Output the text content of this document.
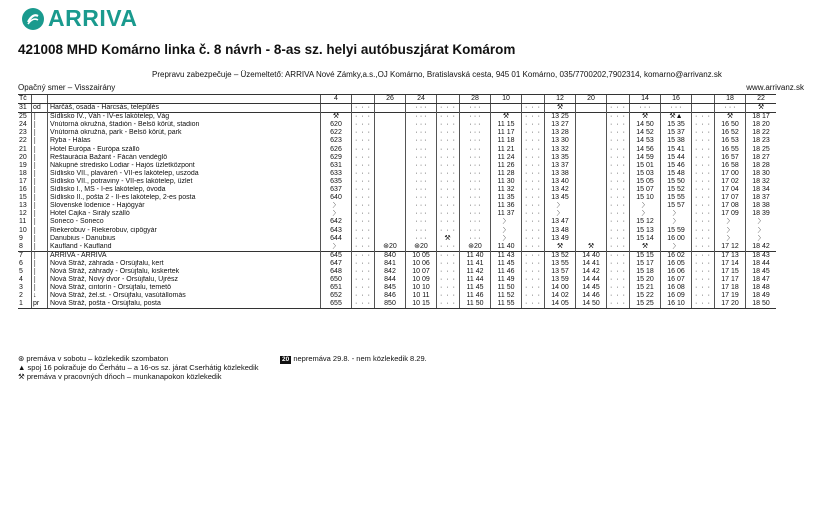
ARRIVA
421008 MHD Komárno linka č. 8 návrh - 8-as sz. helyi autóbuszjárat Komárom
Prepravu zabezpečuje – Üzemeltető: ARRIVA Nové Zámky,a.s.,OJ Komárno, Bratislavská cesta, 945 01 Komárno, 035/7700202,7902314, komarno@arrivanz.sk
Opačný smer – Visszairány	www.arrivanz.sk
Tč			4		26	24		28	10		12	20		14	16		18	22
31	od	Harčáš, osada - Harcsás, település		· · ·		· · ·	· · ·	· · ·		· · ·	⚒		· · ·	· · ·	· · ·		· · ·	⚒
25	│	Sídlisko IV., Váh - IV-es lakótelep, Vág	⚒	· · ·		· · ·	· · ·	· · ·	⚒	· · ·	13 25		· · ·	⚒	⚒▲	· · ·	⚒	18 17
24	│	Vnútorná okružná, štadión - Belső körút, stadion	620	· · ·		· · ·	· · ·	· · ·	11 15	· · ·	13 27		· · ·	14 50	15 35	· · ·	16 50	18 20
23	│	Vnútorná okružná, park - Belső körút, park	622	· · ·		· · ·	· · ·	· · ·	11 17	· · ·	13 28		· · ·	14 52	15 37	· · ·	16 52	18 22
22	│	Ryba - Hálas	623	· · ·		· · ·	· · ·	· · ·	11 18	· · ·	13 30		· · ·	14 53	15 38	· · ·	16 53	18 23
21	│	Hotel Európa - Európa szálló	626	· · ·		· · ·	· · ·	· · ·	11 21	· · ·	13 32		· · ·	14 56	15 41	· · ·	16 55	18 25
20	│	Reštaurácia Bažant - Fácán vendéglő	629	· · ·		· · ·	· · ·	· · ·	11 24	· · ·	13 35		· · ·	14 59	15 44	· · ·	16 57	18 27
19	│	Nákupné stredisko Lodiar - Hajós üzletközpont	631	· · ·		· · ·	· · ·	· · ·	11 26	· · ·	13 37		· · ·	15 01	15 46	· · ·	16 58	18 28
18	│	Sídlisko VII., plaváreň - VII-es lakótelep, uszoda	633	· · ·		· · ·	· · ·	· · ·	11 28	· · ·	13 38		· · ·	15 03	15 48	· · ·	17 00	18 30
17	│	Sídlisko VII., potraviny - VII-es lakótelep, üzlet	635	· · ·		· · ·	· · ·	· · ·	11 30	· · ·	13 40		· · ·	15 05	15 50	· · ·	17 02	18 32
16	│	Sídlisko I., MŠ - I-es lakótelep, óvoda	637	· · ·		· · ·	· · ·	· · ·	11 32	· · ·	13 42		· · ·	15 07	15 52	· · ·	17 04	18 34
15	│	Sídlisko II., pošta 2 - II-es lakótelep, 2-es posta	640	· · ·		· · ·	· · ·	· · ·	11 35	· · ·	13 45		· · ·	15 10	15 55	· · ·	17 07	18 37
13	│	Slovenské lodenice - Hajógyár	〉	· · ·		· · ·	· · ·	· · ·	11 36	· · ·	〉		· · ·	〉	15 57	· · ·	17 08	18 38
12	│	Hotel Čajka - Sirály szálló	〉	· · ·		· · ·	· · ·	· · ·	11 37	· · ·	〉		· · ·	〉	〉	· · ·	17 09	18 39
11	│	Soneco - Soneco	642	· · ·		· · ·	· · ·	· · ·	〉	· · ·	13 47		· · ·	15 12	〉	· · ·	〉	〉
10	│	Riekerobuv - Riekerobuv, cipőgyár	643	· · ·		· · ·	· · ·	· · ·	〉	· · ·	13 48		· · ·	15 13	15 59	· · ·	〉	〉
9	│	Danubius - Danubius	644	· · ·		· · ·	⚒	· · ·	〉	· · ·	13 49		· · ·	15 14	16 00	· · ·	〉	〉
8	│	Kaufland - Kaufland	〉	· · ·	⊛20	⊛20	· · ·	⊛20	11 40	· · ·	⚒	⚒	· · ·	⚒	〉	· · ·	17 12	18 42
7	│	ARRIVA - ARRIVA	645	· · ·	840	10 05	· · ·	11 40	11 43	· · ·	13 52	14 40	· · ·	15 15	16 02	· · ·	17 13	18 43
6	│	Nová Stráž, záhrada - Örsújfalu, kert	647	· · ·	841	10 06	· · ·	11 41	11 45	· · ·	13 55	14 41	· · ·	15 17	16 05	· · ·	17 14	18 44
5	│	Nová Stráž, záhrady - Örsújfalu, kiskertek	648	· · ·	842	10 07	· · ·	11 42	11 46	· · ·	13 57	14 42	· · ·	15 18	16 06	· · ·	17 15	18 45
4	│	Nová Stráž, Nový dvor - Örsújfalu, Újrész	650	· · ·	844	10 09	· · ·	11 44	11 49	· · ·	13 59	14 44	· · ·	15 20	16 07	· · ·	17 17	18 47
3	│	Nová Stráž, cintorín - Örsújfalu, temető	651	· · ·	845	10 10	· · ·	11 45	11 50	· · ·	14 00	14 45	· · ·	15 21	16 08	· · ·	17 18	18 48
2	↓	Nová Stráž, žel.st. - Örsújfalu, vasútállomás	652	· · ·	846	10 11	· · ·	11 46	11 52	· · ·	14 02	14 46	· · ·	15 22	16 09	· · ·	17 19	18 49
1	pr	Nová Stráž, pošta - Örsújfalu, posta	655	· · ·	850	10 15	· · ·	11 50	11 55	· · ·	14 05	14 50	· · ·	15 25	16 10	· · ·	17 20	18 50
⊛ premáva v sobotu – közlekedik szombaton
▲ spoj 16 pokračuje do Čerhátu – a 16-os sz. járat Cserhátig közlekedik
⚒ premáva v pracovných dňoch – munkanapokon közlekedik
20 nepremáva 29.8. - nem közlekedik 8.29.
